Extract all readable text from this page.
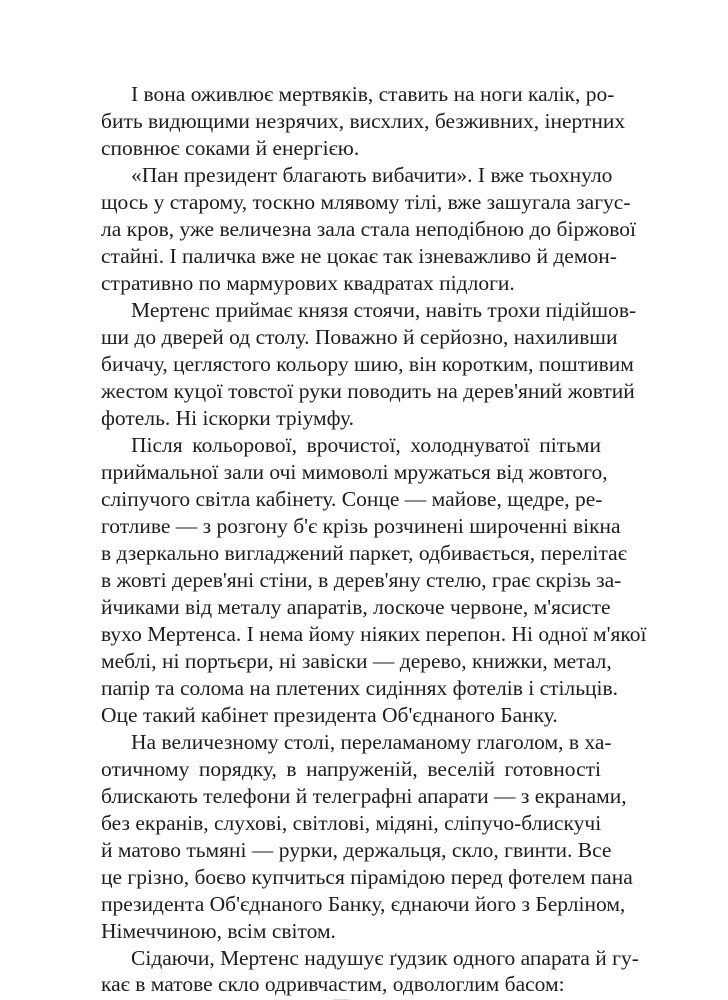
І вона оживлює мертвяків, ставить на ноги калік, ро-
бить видющими незрячих, висхлих, безживних, інертних
сповнює соками й енергією.
«Пан президент благають вибачити». І вже тьохнуло
щось у старому, тоскно млявому тілі, вже зашугала загус-
ла кров, уже величезна зала стала неподібною до біржової
стайні. І паличка вже не цокає так ізневажливо й демон-
стративно по мармурових квадратах підлоги.
Мертенс приймає князя стоячи, навіть трохи підійшов-
ши до дверей од столу. Поважно й серйозно, нахиливши
бичачу, цеглястого кольору шию, він коротким, поштивим
жестом куцої товстої руки поводить на дерев'яний жовтий
фотель. Ні іскорки тріумфу.
Після кольорової, врочистої, холоднуватої пітьми
приймальної зали очі мимоволі мружаться від жовтого,
сліпучого світла кабінету. Сонце — майове, щедре, ре-
готливе — з розгону б'є крізь розчинені широченні вікна
в дзеркально вигладжений паркет, одбивається, перелітає
в жовті дерев'яні стіни, в дерев'яну стелю, грає скрізь за-
йчиками від металу апаратів, лоскоче червоне, м'ясисте
вухо Мертенса. І нема йому ніяких перепон. Ні одної м'якої
меблі, ні портьєри, ні завіски — дерево, книжки, метал,
папір та солома на плетених сидіннях фотелів і стільців.
Оце такий кабінет президента Об'єднаного Банку.
На величезному столі, переламаному глаголом, в ха-
отичному порядку, в напруженій, веселій готовності
блискають телефони й телеграфні апарати — з екранами,
без екранів, слухові, світлові, мідяні, сліпучо-блискучі
й матово тьмяні — рурки, держальця, скло, гвинти. Все
це грізно, боєво купчиться пірамідою перед фотелем пана
президента Об'єднаного Банку, єднаючи його з Берліном,
Німеччиною, всім світом.
Сідаючи, Мертенс надушує ґудзик одного апарата й гу-
кає в матове скло одривчастим, одвологлим басом:
—
